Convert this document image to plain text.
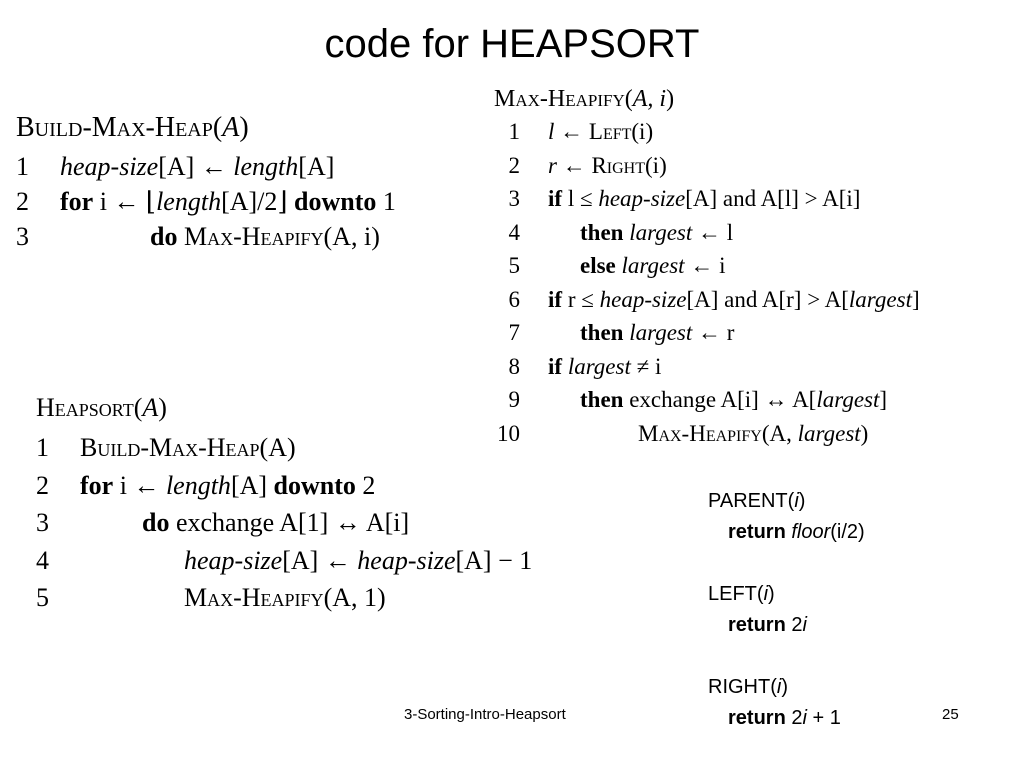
code for HEAPSORT
Build-Max-Heap(A)
1 heap-size[A] ← length[A]
2 for i ← ⌊length[A]/2⌋ downto 1
3	do Max-Heapify(A, i)
Max-Heapify(A, i)
1 l ← Left(i)
2 r ← Right(i)
3 if l ≤ heap-size[A] and A[l] > A[i]
4	then largest ← l
5	else largest ← i
6 if r ≤ heap-size[A] and A[r] > A[largest]
7	then largest ← r
8 if largest ≠ i
9	then exchange A[i] ↔ A[largest]
10	Max-Heapify(A, largest)
Heapsort(A)
1 Build-Max-Heap(A)
2 for i ← length[A] downto 2
3	do exchange A[1] ↔ A[i]
4	heap-size[A] ← heap-size[A] − 1
5	Max-Heapify(A, 1)
PARENT(i)
return floor(i/2)
LEFT(i)
return 2i
RIGHT(i)
return 2i + 1
3-Sorting-Intro-Heapsort	25
